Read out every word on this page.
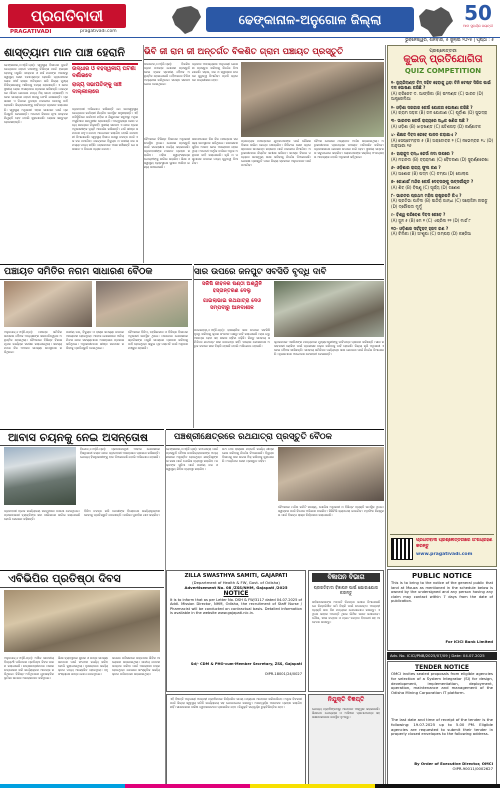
ପ୍ରଗତିବାଦୀ
PRAGATIVADI	pragativadi.com
ଢେଙ୍କାନାଳ-ଅନୁଗୋଳ ଜିଲ୍ଲା	50
ଆମ ସୁବର୍ଣ୍ଣ ଜୟନ୍ତୀ
ଭୁବନେଶ୍ୱର, ଶନିବାର, ୫ ଜୁଲାଇ ୨୦୨୫ | ପୃଷ୍ଠା : ୫
ଶାସ୍ତ୍ୟାମ ମାନ ପାଞ୍ଚ ହେରାନି
ଢେଙ୍କାନାଳ,୪।୭(ନି.ପ୍ର): ସ୍ୱାସ୍ଥ୍ୟ ବିଭାଗର ଦୁଇଟି କେନ୍ଦ୍ରରେ ରୋଗୀ ମାନଙ୍କୁ ଚିକିତ୍ସା ପାଇଁ ହଇରାଣ ହେବାକୁ ପଡୁଛି। ଡାକ୍ତର ଓ ନର୍ସ ମାନଙ୍କ ଅଭାବରୁ ସ୍ୱାସ୍ଥ୍ୟ ସେବା ବାଧାପ୍ରାପ୍ତ ହେଉଛି। ଗ୍ରାମାଞ୍ଚଳର ଲୋକ ଦୀର୍ଘ ରାସ୍ତା ଅତିକ୍ରମ କରି ଜିଲ୍ଲା ମୁଖ୍ୟ ଚିକିତ୍ସାଳୟକୁ ଆସିବାକୁ ବାଧ୍ୟ ହେଉଛନ୍ତି। ଏ ନେଇ ସ୍ଥାନୀୟ ଲୋକ ଅସନ୍ତୋଷ ପ୍ରକାଶ କରିଛନ୍ତି। କେନ୍ଦ୍ରରେ ଔଷଧ ଯୋଗାଣ ମଧ୍ୟ ଠିକ୍ ଭାବେ ହେଉନାହିଁ। ଅନେକ ସମୟରେ ରୋଗୀ ଘରକୁ ଫେରି ଯାଉଛନ୍ତି। ପ୍ରଶାସନ ଏ ଦିଗରେ ତୁରନ୍ତ ପଦକ୍ଷେପ ନେବାକୁ ଦାବି ହୋଇଛି। ଜିଲ୍ଲାପାଳଙ୍କୁ ଦାବିପତ୍ର ପ୍ରଦାନ କରାଯାଇଛି। ସ୍ୱାସ୍ଥ୍ୟ ଅଧିକାରୀ ଏହାର ସମାଧାନ ପାଇଁ ପ୍ରତିଶ୍ରୁତି ଦେଇଛନ୍ତି। ଆଗାମୀ ଦିନରେ ନୂଆ ଡାକ୍ତର ନିଯୁକ୍ତି ହେବ ବୋଲି କୁହାଯାଇଛି। ଲୋକେ ସନ୍ତୁଷ୍ଟ ହୋଇନାହାନ୍ତି।
ଉଦ୍ଧାର ଓ ବହସ୍ୱଳୀୟ ଘଟଣା ଦର୍ଶାଇଦେ
ରାଜ୍ୟ ସଭାପତିଙ୍କୁ ସାଞ୍ଚ ଦାଲ୍ଲୀଲାରେ
ଗ୍ରାମବାସୀ ଅଭିଯୋଗ କରିଛନ୍ତି ଯେ ଉପସ୍ୱାସ୍ଥ୍ୟ କେନ୍ଦ୍ରରେ କର୍ମଚାରୀ ନିୟମିତ ଉପସ୍ଥିତ ରହୁନାହାନ୍ତି। ଏହି ପରିସ୍ଥିତିରେ ଗର୍ଭବତୀ ମହିଳା ଓ ଶିଶୁମାନେ ସବୁଠାରୁ ଅଧିକ ଅସୁବିଧାର ସମ୍ମୁଖୀନ ହେଉଛନ୍ତି। ଆମ୍ବୁଲାନ୍ସ ସେବା ମଧ୍ୟ ସମୟରେ ମିଳୁନାହିଁ। ସ୍ଥାନୀୟ ସରପଞ୍ଚ ଏ ନେଇ ବ୍ଲକ ଅଧିକାରୀଙ୍କ ଦୃଷ୍ଟି ଆକର୍ଷଣ କରିଛନ୍ତି। ଯଦି ଶୀଘ୍ର ସମାଧାନ ନହୁଏ ତେବେ ଆନ୍ଦୋଳନ କରାଯିବ ବୋଲି ଚେତାବନୀ ଦିଆଯାଇଛି। ସ୍ୱାସ୍ଥ୍ୟ ବିଭାଗ ପକ୍ଷରୁ ତଦନ୍ତ ପାଇଁ ଏକ ଦଳ ପଠାଯିବ। କେନ୍ଦ୍ରରେ ବିଦ୍ୟୁତ ଓ ପାନୀୟ ଜଳ ସମସ୍ୟା ମଧ୍ୟ ରହିଛି। ଲୋକମାନେ ଆଶା ରଖିଛନ୍ତି ଯେ ସରକାର ଏ ଦିଗରେ ଧ୍ୟାନ ଦେବେ।
ଭିବି ଜୀ ରାମ ଜୀ ଅନ୍ତର୍ଗତ ବିକଶିତ ଗ୍ରାମ ପଞ୍ଚାୟତ ପ୍ରସ୍ତୁତି
ତାଳଚେର,୪।୭(ନି.ପ୍ର): ବିକଶିତ ଗ୍ରାମ ପଞ୍ଚାୟତ ଯୋଜନା ପ୍ରସ୍ତୁତି ନେଇ ବ୍ଲକ ସ୍ତରୀୟ ବୈଠକ ଅନୁଷ୍ଠିତ ହୋଇଯାଇଛି। ବୈଠକରେ ବିଡିଓ ଅଧ୍ୟକ୍ଷତା କରିଥିଲେ। ସମସ୍ତ ସରପଞ୍ଚ ଯୋଗ ଦେଇଥିଲେ।
ଗ୍ରାମର ଆବଶ୍ୟକତା ଅନୁଯାୟୀ ଯୋଜନା ପ୍ରସ୍ତୁତ କରିବାକୁ ନିର୍ଦ୍ଦେଶ ଦିଆଯାଇଛି। ସଡ଼କ, ଜଳ ଓ ସ୍ୱଚ୍ଛତା ଉପରେ ଗୁରୁତ୍ୱ ଦିଆଯିବ। ପ୍ରତି ଗ୍ରାମରେ ପଲ୍ଲୀସଭା ହେବ।
ବୈଠକରେ ବିଭିନ୍ନ ବିଭାଗର ଅଧିକାରୀ ଉପସ୍ଥିତ ଥିଲେ। ଯୋଜନା ପ୍ରସ୍ତୁତି ପାଇଁ ସମୟସୀମା ଧାର୍ଯ୍ୟ କରାଯାଇଛି। ଗ୍ରାମବାସୀଙ୍କ ମତାମତ ଗ୍ରହଣ କରାଯିବ। ମହିଳା ସ୍ୱୟଂସହାୟକ ଗୋଷ୍ଠୀଙ୍କୁ ସାମିଲ କରାଯିବ। ଶିକ୍ଷା ଓ ସ୍ୱାସ୍ଥ୍ୟ ବ୍ୟବସ୍ଥାରେ ସୁଧାର ଆଣିବା ଲକ୍ଷ୍ୟ ରଖାଯାଇଛି।
ସରପଞ୍ଚମାନେ ନିଜ ନିଜ ପଞ୍ଚାୟତର ସମସ୍ୟା ଉପସ୍ଥାପନ କରିଥିଲେ। ଜଳସେଚନ ସୁବିଧା ଅଭାବ ନେଇ ଆଲୋଚନା ହୋଇଥିଲା। ଆଗାମୀ ଆର୍ଥିକ ବର୍ଷରେ ଅଧିକ ଅନୁଦାନ ଦାବି କରାଯାଇଛି। କୃଷି ଓ ପଶୁପାଳନ ଉପରେ ମଧ୍ୟ ଗୁରୁତ୍ୱ ଦିଆଯିବ।
ପ୍ରତ୍ୟେକ ପଞ୍ଚାୟତରେ ଯୁବକମାନଙ୍କ ପାଇଁ କୌଶଳ ବିକାଶ ତାଲିମ କେନ୍ଦ୍ର ଖୋଲାଯିବ। ଡିଜିଟାଲ ସେବା ଗ୍ରାମ ସ୍ତରରେ ଉପଲବ୍ଧ କରାଇବା ପାଇଁ ପଦକ୍ଷେପ ନିଆଯିବ। ଅଧିକାରୀମାନେ ନିୟମିତ ସମୀକ୍ଷା କରିବେ। ସମସ୍ତ ବିଭାଗ ମଧ୍ୟରେ ସମନ୍ୱୟ ରକ୍ଷା କରିବାକୁ ନିର୍ଦ୍ଦେଶ ଦିଆଯାଇଛି। ଯୋଜନା ପ୍ରସ୍ତୁତି ପରେ ଜିଲ୍ଲା ସ୍ତରରେ ଅନୁମୋଦନ ପାଇଁ ପଠାଯିବ।
ବୈଠକ ଶେଷରେ ଧନ୍ୟବାଦ ଅର୍ପଣ କରାଯାଇଥିଲା। ଅଧିକାରୀମାନେ ପ୍ରତ୍ୟେକ ପଞ୍ଚାୟତ ପରିଦର୍ଶନ କରିବେ। ଗ୍ରାମସଭାରେ ଯୋଜନା ଉପରେ ଚର୍ଚ୍ଚା ହେବ। ସ୍ଥାନୀୟ ସମ୍ବଳର ସଦୁପଯୋଗ କରାଯିବ। ଲୋକମାନଙ୍କ ସକ୍ରିୟ ଅଂଶଗ୍ରହଣ ଆବଶ୍ୟକ ବୋଲି ଅଧିକାରୀ କହିଥିଲେ।
ପ୍ରଶ୍ନୋତ୍ତରୀ
କୁଇଜ୍ ପ୍ରତିଯୋଗିତା
QUIZ COMPETITION

୧- ନ୍ୟୁଜିଲାଣ୍ଡ ଟିମ୍ ସହିତ ହେବାକୁ ଥିବା ତିନି ଟେଷ୍ଟ ସିରିଜ ପାଇଁ ଦଳ ଘୋଷଣା କରିଛି ?

(A) କ୍ରିକେଟ ଦ. ଆଫ୍ରିକା (B) ଇଂଲଣ୍ଡ (C) ଭାରତ (D) ଆଷ୍ଟ୍ରେଲିଆ

୨- ଓଡ଼ିଶା ସରକାର କେଉଁ ଯୋଜନା ଘୋଷଣା କରିଛି ?

(A) ଗ୍ରାମ ସଡ଼କ (B) ଜଳ ଯୋଗାଣ (C) ପୂର୍ବାଶା (D) ସୁଭଦ୍ରା

୩- ଭାରତର କେଉଁ ରାଜ୍ୟରେ ଅଧିକ ଖଣିଜ ଅଛି ?

(A) ଓଡ଼ିଶା (B) ଝାଡ଼ଖଣ୍ଡ (C) ଛତିଶଗଡ଼ (D) କର୍ଣ୍ଣାଟକ

୪- ଶିକ୍ଷକ ଦିବସ କେବେ ପାଳନ କରାଯାଏ ?

(A) ସେପ୍ଟେମ୍ବର ୫ (B) ଅକ୍ଟୋବର ୨ (C) ନଭେମ୍ବର ୧୪ (D) ଜାନୁଆରୀ ୨୬

୫- ହୀରାକୁଦ ବନ୍ଧ କେଉଁ ନଦୀ ଉପରେ ?

(A) ମହାନଦୀ (B) ବ୍ରାହ୍ମଣୀ (C) ବୈତରଣୀ (D) ସୁବର୍ଣ୍ଣରେଖା

୬- ଓଡ଼ିଶାର ରାଜ୍ୟ ଫୁଲ କଣ ?

(A) ଅଶୋକ (B) ପଦ୍ମ (C) ଚମ୍ପା (D) ଗୋଲାପ

୭- କୋଣାର୍କ ମନ୍ଦିର କେଉଁ ଦେବତାଙ୍କୁ ଉତ୍ସର୍ଗୀକୃତ ?

(A) ଶିବ (B) ବିଷ୍ଣୁ (C) ସୂର୍ଯ୍ୟ (D) ଗଣେଶ

୮- ଭାରତର ପ୍ରଥମ ମହିଳା ରାଷ୍ଟ୍ରପତି କିଏ ?

(A) ପ୍ରତିଭା ପାଟିଲ (B) ଇନ୍ଦିରା ଗାନ୍ଧୀ (C) ସରୋଜିନୀ ନାଇଡୁ (D) ଦ୍ରୌପଦୀ ମୁର୍ମୁ

୯- ବିଶ୍ୱ ପରିବେଶ ଦିବସ କେବେ ?

(A) ଜୁନ ୫ (B) ମେ ୧ (C) ଏପ୍ରିଲ ୨୨ (D) ମାର୍ଚ୍ଚ ୮

୧୦- ଓଡ଼ିଶାର ସର୍ବବୃହତ୍ ହ୍ରଦ କଣ ?

(A) ଚିଲିକା (B) ଅଂଶୁପା (C) ତାମ୍ପରା (D) କଞ୍ଜିଆ

ପ୍ରଗତିବାଦୀ ପ୍ରଶ୍ନୋତ୍ତରୀରେ ଅଂଶଗ୍ରହଣ କରନ୍ତୁ
www.pragativadi.com
ପଞ୍ଚାୟତ ସମିତିର ନଗମ ସାଧାରଣ ବୈଠକ
ଅନୁଗୋଳ,୪।୭(ନି.ପ୍ର): ପଞ୍ଚାୟତ ସମିତିର ସାଧାରଣ ବୈଠକ ଅଧ୍ୟକ୍ଷଙ୍କ ସଭାପତିତ୍ୱରେ ଅନୁଷ୍ଠିତ ହୋଇଥିଲା। ବୈଠକରେ ବିଭିନ୍ନ ବିକାଶମୂଳକ କାର୍ଯ୍ୟର ସମୀକ୍ଷା କରାଯାଇଥିଲା। ସଦସ୍ୟମାନେ ନିଜ ଅଞ୍ଚଳର ସମସ୍ୟା ଉପସ୍ଥାପନ କରିଥିଲେ।
ପାନୀୟ ଜଳ, ବିଦ୍ୟୁତ ଓ ରାସ୍ତା ସମସ୍ୟା ଉପରେ ଆଲୋଚନା ହୋଇଥିଲା। ଆବାସ ଯୋଜନାରେ ଅନିୟମିତତା ନେଇ ସଦସ୍ୟମାନେ ଅସନ୍ତୋଷ ପ୍ରକାଶ କରିଥିଲେ। ଅଧିକାରୀମାନେ ଶୀଘ୍ର ସମାଧାନ କରିବାକୁ ପ୍ରତିଶ୍ରୁତି ଦେଇଥିଲେ।
ବୈଠକରେ ବିଡିଓ, ତହସିଲଦାର ଓ ବିଭିନ୍ନ ବିଭାଗର ଅଧିକାରୀ ଉପସ୍ଥିତ ଥିଲେ। ମନରେଗା ଯୋଜନାରେ ଶ୍ରମିକଙ୍କ ମଜୁରି ସମୟରେ ପ୍ରଦାନ କରିବାକୁ ଦାବି ହୋଇଥିଲା। ସ୍କୁଲ ଗୃହ ମରାମତି ପାଇଁ ଅନୁଦାନ ମଞ୍ଜୁର ହୋଇଛି।
ସାର ଉପରେ ଜନପୁଟ ସବସିଡି ବୃଦ୍ଧି ଦାବି
ସକିଷି ଜୀବନର ଷଣ୍ଠୀ ଅଶ୍ୱିନି
ହସ୍ତାନ୍ତରଣ ଦେଲୁ
ଗାଇଲାଭାଇ ରଥଯାତ୍ରା ଦେଓ
ସମ୍ପଦୀରୁ ଆନଦାଶୀଳ
ପାଲଲହଡ଼ା,୪।୭(ନି.ପ୍ର): ରାସାୟନିକ ସାର ଉପରେ ସବସିଡି ବୃଦ୍ଧି କରିବାକୁ କୃଷକ ସଂଗଠନ ପକ୍ଷରୁ ଦାବି କରାଯାଇଛି। ଚାଷ ଋତୁ ଆରମ୍ଭ ହେବା ସହ ସାରର ଚାହିଦା ବଢ଼ିଛି। କିନ୍ତୁ ସମବାୟ ସମିତିରେ ଯଥେଷ୍ଟ ସାର ଉପଲବ୍ଧ ନାହିଁ। ଘରୋଇ ଦୋକାନରେ ଅଧିକ ଦରରେ ସାର ବିକ୍ରି ହେଉଛି ବୋଲି ଅଭିଯୋଗ ହୋଇଛି।
କୃଷକମାନେ ଏସଡିଓଙ୍କ ମାଧ୍ୟମରେ ମୁଖ୍ୟମନ୍ତ୍ରୀଙ୍କୁ ଦାବିପତ୍ର ପ୍ରଦାନ କରିଛନ୍ତି। ସାର କଳାବଜାରୀ ରୋକିବା ପାଇଁ ପ୍ରଶାସନ ଚଢ଼ଉ କରିବାକୁ ଦାବି ହୋଇଛି। ଜିଲ୍ଲା କୃଷି ଅଧିକାରୀ ଏ ନେଇ ବୈଠକ ଡାକିଛନ୍ତି। ସମବାୟ ସମିତିରେ ପର୍ଯ୍ୟାପ୍ତ ସାର ଯୋଗାଣ ପାଇଁ ନିର୍ଦ୍ଦେଶ ଦିଆଯାଇଛି। କୃଷକମାନେ ଆନ୍ଦୋଳନ ଚେତାବନୀ ଦେଇଛନ୍ତି।
ଆବାସ ଚୟନକୁ ନେଇ ଅସନ୍ତୋଷ
ହିନ୍ଦୋଳ,୪।୭(ନି.ପ୍ର): ପ୍ରଧାନମନ୍ତ୍ରୀ ଆବାସ ଯୋଜନାରେ ହିତାଧିକାରୀ ଚୟନ ନେଇ ଗ୍ରାମବାସୀ ଅସନ୍ତୋଷ ପ୍ରକାଶ କରିଛନ୍ତି। ଯୋଗ୍ୟ ହିତାଧିକାରୀଙ୍କୁ ବାଦ ଦିଆଯାଇଛି ବୋଲି ଅଭିଯୋଗ ହୋଇଛି।
ଗ୍ରାମବାସୀ ବ୍ଲକ କାର୍ଯ୍ୟାଳୟ ସମ୍ମୁଖରେ ଧାରଣା ଦେଇଥିଲେ। ପ୍ରଭାବଶାଳୀ ବ୍ୟକ୍ତିଙ୍କ ନାମ ତାଲିକାରେ ସାମିଲ କରାଯାଇଛି ବୋଲି ସେମାନେ କହିଛନ୍ତି।
ବିଡିଓ ତଦନ୍ତ କରି ଦୋଷୀଙ୍କ ବିରୋଧରେ କାର୍ଯ୍ୟାନୁଷ୍ଠାନ ନେବାକୁ ପ୍ରତିଶ୍ରୁତି ଦେଇଛନ୍ତି। ତାଲିକା ପୁନର୍ବାର ଯାଞ୍ଚ କରାଯିବ।
ପଞ୍ଚଶ୍ରୀକ୍ଷେତ୍ରରେ ରଥଯାତ୍ରା ପ୍ରସ୍ତୁତି ବୈଠକ
ଢେଙ୍କାନାଳ,୪।୭(ନି.ପ୍ର): ରଥଯାତ୍ରା ପାଇଁ ପ୍ରସ୍ତୁତି ବୈଠକ ଉପଜିଲ୍ଲାପାଳଙ୍କ ଅଧ୍ୟକ୍ଷତାରେ ଅନୁଷ୍ଠିତ ହୋଇଥିଲା। ଶାନ୍ତିଶୃଙ୍ଖଳା ରକ୍ଷା ପାଇଁ ପୋଲିସ ବ୍ୟବସ୍ଥା କରାଯିବ। ଭକ୍ତଙ୍କ ସୁବିଧା ପାଇଁ ପାନୀୟ ଜଳ ଓ ସ୍ୱାସ୍ଥ୍ୟ ଶିବିର ବ୍ୟବସ୍ଥା କରାଯିବ।
ରଥ ଟଣା ରାସ୍ତାର ମରାମତି କାର୍ଯ୍ୟ ଶୀଘ୍ର ଶେଷ କରିବାକୁ ନିର୍ଦ୍ଦେଶ ଦିଆଯାଇଛି। ବିଦ୍ୟୁତ ବିଭାଗକୁ ତାର ଉଚ୍ଚତା ଠିକ୍ କରିବାକୁ କୁହାଯାଇଛି। ଅଗ୍ନିଶମ ସେବା ପ୍ରସ୍ତୁତ ରହିବ।
ବୈଠକରେ ମନ୍ଦିର କମିଟି ସଦସ୍ୟ, ପୋଲିସ ଅଧିକାରୀ ଓ ବିଶିଷ୍ଟ ବ୍ୟକ୍ତି ଉପସ୍ଥିତ ଥିଲେ। ସ୍ୱଚ୍ଛତା ପାଇଁ ବିଶେଷ ଅଭିଯାନ ଚଳାଯିବ। ସିସିଟିଭି କ୍ୟାମେରା ଲଗାଯିବ। ଟ୍ରାଫିକ ନିୟନ୍ତ୍ରଣ ପାଇଁ ବିକଳ୍ପ ରାସ୍ତା ନିର୍ଦ୍ଧାରଣ କରାଯାଇଛି।
ଏବିଭିପିର ପ୍ରତିଷ୍ଠା ଦିବସ
ଅନୁଗୋଳ,୪।୭(ନି.ପ୍ର): ଅଖିଳ ଭାରତୀୟ ବିଦ୍ୟାର୍ଥୀ ପରିଷଦର ପ୍ରତିଷ୍ଠା ଦିବସ ପାଳନ କରାଯାଇଛି। ଛାତ୍ରଛାତ୍ରୀମାନେ ପତାକା ଉତ୍ତୋଳନ କରି କାର୍ଯ୍ୟକ୍ରମ ଆରମ୍ଭ କରିଥିଲେ। ବିଶିଷ୍ଟ ଅତିଥିମାନେ ଯୁବଶକ୍ତିର ଭୂମିକା ଉପରେ ଆଲୋକପାତ କରିଥିଲେ।
ଶିକ୍ଷା ବ୍ୟବସ୍ଥାରେ ସୁଧାର ଓ ଛାତ୍ର ସମସ୍ୟା ସମାଧାନ ପାଇଁ ସଂଗଠନ କାର୍ଯ୍ୟ କରିବ ବୋଲି କୁହାଯାଇଥିଲା। ବୃକ୍ଷରୋପଣ କାର୍ଯ୍ୟକ୍ରମ ମଧ୍ୟ ଆୟୋଜିତ ହୋଇଥିଲା। ବହୁ ସଂଖ୍ୟାରେ ଛାତ୍ର ଯୋଗ ଦେଇଥିଲେ।
କଲେଜ ପରିସରରେ ରକ୍ତଦାନ ଶିବିର ଆୟୋଜନ କରାଯାଇଥିଲା। ଜାତୀୟ ଚେତନା ଜାଗ୍ରତ କରିବା ପାଇଁ ଆଲୋଚନା ଚକ୍ର ହୋଇଥିଲା। ଶେଷରେ ସାଂସ୍କୃତିକ କାର୍ଯ୍ୟକ୍ରମ ପରିବେଷଣ କରାଯାଇଥିଲା।
ZILLA SWASTHYA SAMITI, GAJAPATI
(Department of Health & FW, Govt. of Odisha)
Advertisement No. 08 /ZSS/NHM, Gajapati /2025
NOTICE
It is to inform that as per Letter No. DSH & FW/3117 dated 04.07.2025 of Addl. Mission Director, NHM, Odisha, the recruitment of Staff Nurse / Pharmacist will be conducted on contractual basis. Detailed information is available in the website www.gajapati.nic.in.
Sd/- CDM & PHO-cum-Member Secretary, ZSS, Gajapati
OIPR-18001/24/0027
ବିଜ୍ଞାପନ ବିଭାଗ
ପ୍ରଗତିବାଦୀ ବିଜ୍ଞାପନ ପାଇଁ ଯୋଗାଯୋଗ କରନ୍ତୁ
ସର୍ବସାଧାରଣଙ୍କ ଅବଗତି ନିମନ୍ତେ ଜଣାଇ ଦିଆଯାଉଛି ଯେ ନିମ୍ନଲିଖିତ ଜମି ବିକ୍ରି ପାଇଁ ଉପଲବ୍ଧ। ଆଗ୍ରହୀ ବ୍ୟକ୍ତି ସାତ ଦିନ ମଧ୍ୟରେ ଯୋଗାଯୋଗ କରନ୍ତୁ। ଏଥିରେ କାହାର ଆପତ୍ତି ଥିଲେ ଲିଖିତ ଭାବେ ଜଣାଇବେ। ମୌଜା, ଖାତା ନମ୍ବର ଓ ପ୍ଲଟ ନମ୍ବର ବିବରଣୀ ସହ ଆବେଦନ କରନ୍ତୁ।
ନିଯୁକ୍ତି ବିଜ୍ଞପ୍ତି
ଯୋଗ୍ୟ ପ୍ରାର୍ଥୀଙ୍କଠାରୁ ଆବେଦନ ଆହ୍ୱାନ କରାଯାଉଛି। ଶିକ୍ଷାଗତ ଯୋଗ୍ୟତା ଓ ଅଭିଜ୍ଞତା ପ୍ରମାଣପତ୍ର ସହ ସାକ୍ଷାତକାରରେ ଉପସ୍ଥିତ ହୁଅନ୍ତୁ।
ଏହି ବିଜ୍ଞପ୍ତି ଅନୁଯାୟୀ ଆଗ୍ରହୀ ପ୍ରାର୍ଥୀମାନେ ନିର୍ଦ୍ଧାରିତ ସମୟ ମଧ୍ୟରେ ଆବେଦନ କରିପାରିବେ। ଅଧିକ ବିବରଣୀ ପାଇଁ ଜିଲ୍ଲା ସ୍ୱାସ୍ଥ୍ୟ ସମିତି କାର୍ଯ୍ୟାଳୟ ସହ ଯୋଗାଯୋଗ କରନ୍ତୁ। ଅସମ୍ପୂର୍ଣ୍ଣ ଆବେଦନ ଗ୍ରହଣ କରାଯିବ ନାହିଁ। ସାକ୍ଷାତକାର ତାରିଖ ୱେବସାଇଟରେ ପ୍ରକାଶିତ ହେବ। ନିଯୁକ୍ତି ସମ୍ପୂର୍ଣ୍ଣ ଚୁକ୍ତିଭିତ୍ତିକ ହେବ।
PUBLIC NOTICE
This is to bring to the notice of the general public that land at Mouza as mentioned in the schedule below is owned by the undersigned and any person having any claim may contact within 7 days from the date of publication.
For ICICI Bank Limited
Adv. No. ICICI/PNB/2025/07/09 | Date: 04.07.2025
TENDER NOTICE
OMCI invites sealed proposals from eligible agencies for selection of a System Integrator (SI) for design, development, implementation, deployment, operation, maintenance and management of the Odisha Mining Corporation IT platform.
The last date and time of receipt of the tender is the following: 19.07.2025 up to 5.00 PM. Eligible agencies are requested to submit their tender in properly closed envelopes to the following address.
By Order of Executive Director, OMCI
OIPR-90011/0002627
